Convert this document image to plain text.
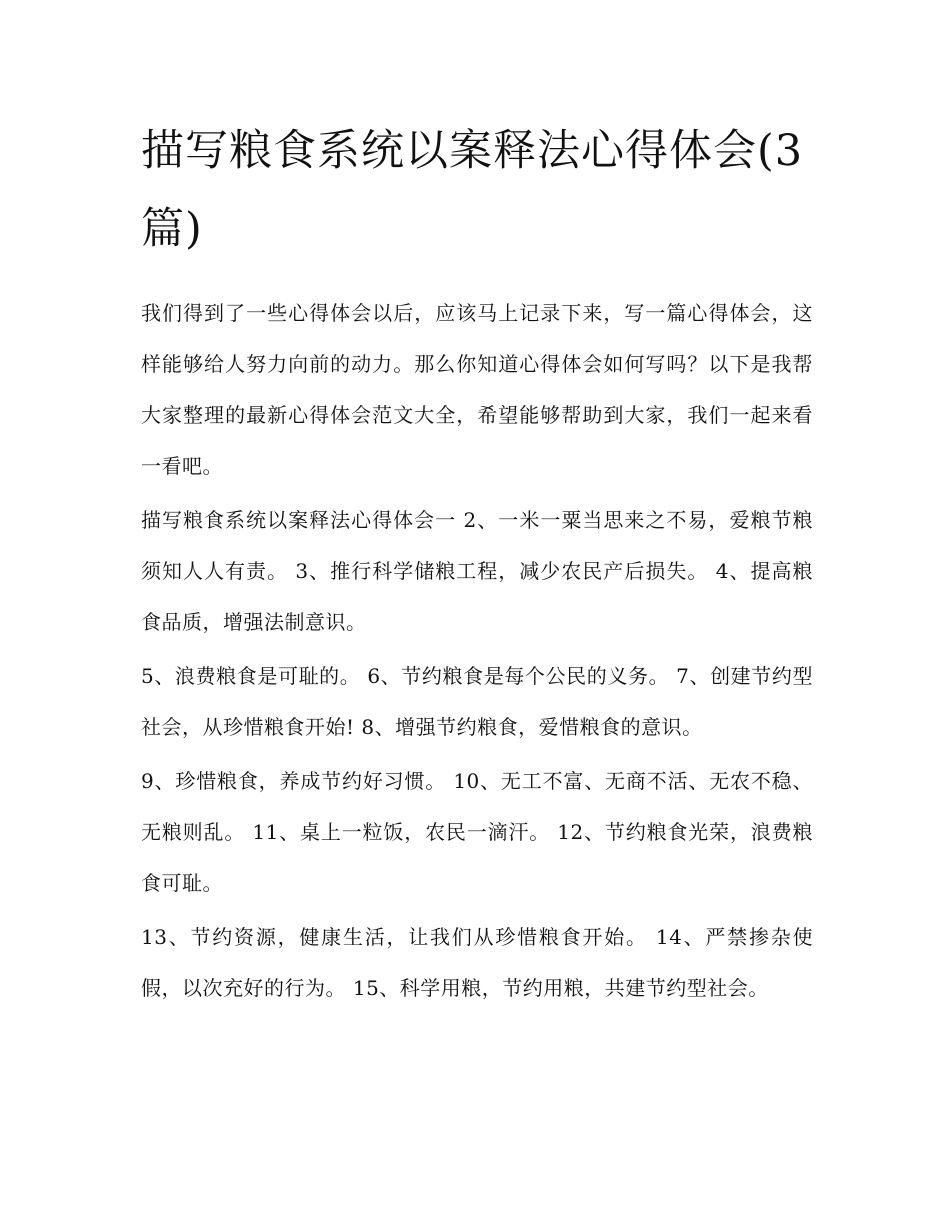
描写粮食系统以案释法心得体会(3篇)

我们得到了一些心得体会以后，应该马上记录下来，写一篇心得体会，这样能够给人努力向前的动力。那么你知道心得体会如何写吗？以下是我帮大家整理的最新心得体会范文大全，希望能够帮助到大家，我们一起来看一看吧。

描写粮食系统以案释法心得体会一 2、一米一粟当思来之不易，爱粮节粮须知人人有责。 3、推行科学储粮工程，减少农民产后损失。 4、提高粮食品质，增强法制意识。

5、浪费粮食是可耻的。 6、节约粮食是每个公民的义务。 7、创建节约型社会，从珍惜粮食开始! 8、增强节约粮食，爱惜粮食的意识。

9、珍惜粮食，养成节约好习惯。 10、无工不富、无商不活、无农不稳、无粮则乱。 11、桌上一粒饭，农民一滴汗。 12、节约粮食光荣，浪费粮食可耻。

13、节约资源，健康生活，让我们从珍惜粮食开始。 14、严禁掺杂使假，以次充好的行为。 15、科学用粮，节约用粮，共建节约型社会。
